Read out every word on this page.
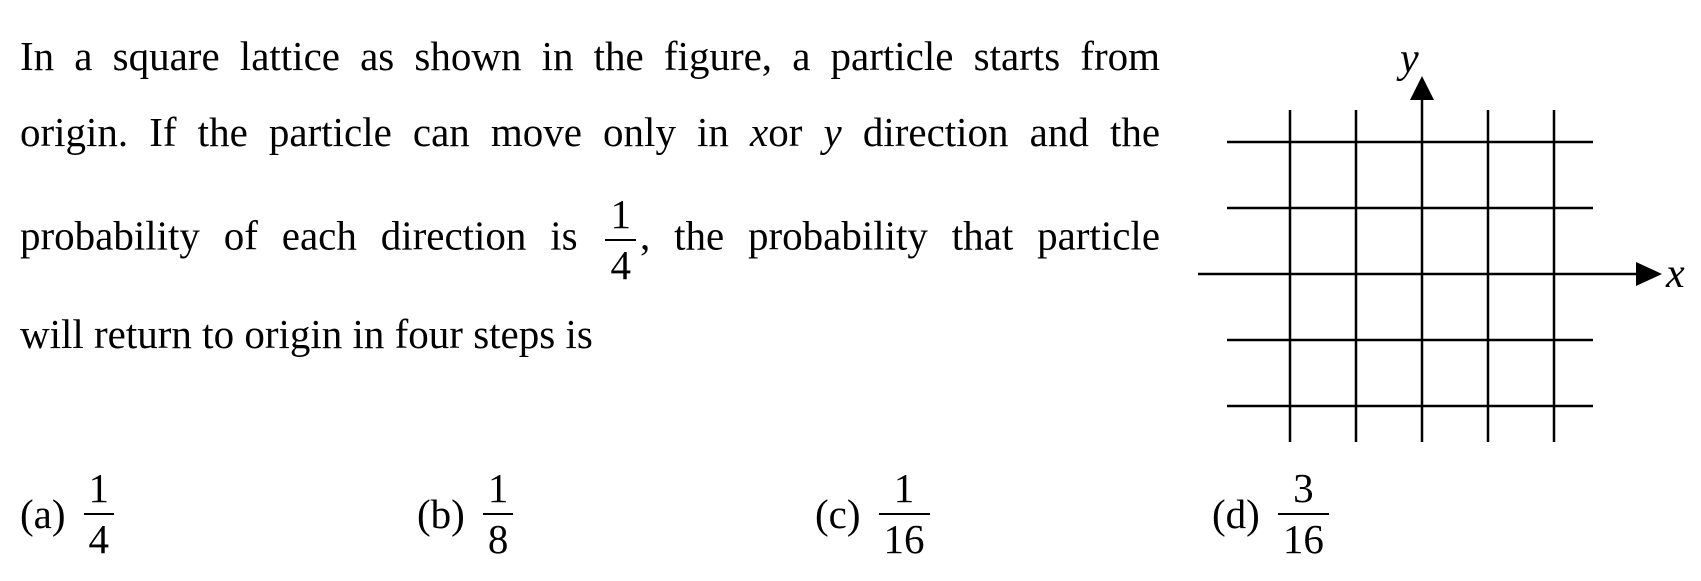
In a square lattice as shown in the figure, a particle starts from
origin. If the particle can move only in xor y direction and the
probability of each direction is $\frac{1}{4}$ , the probability that particle
will return to origin in four steps is
$(a) \frac{1}{4}$	$(b) \frac{1}{8}$	$(c) \frac{1}{16}$	$(d) \frac{3}{16}$
x
y
